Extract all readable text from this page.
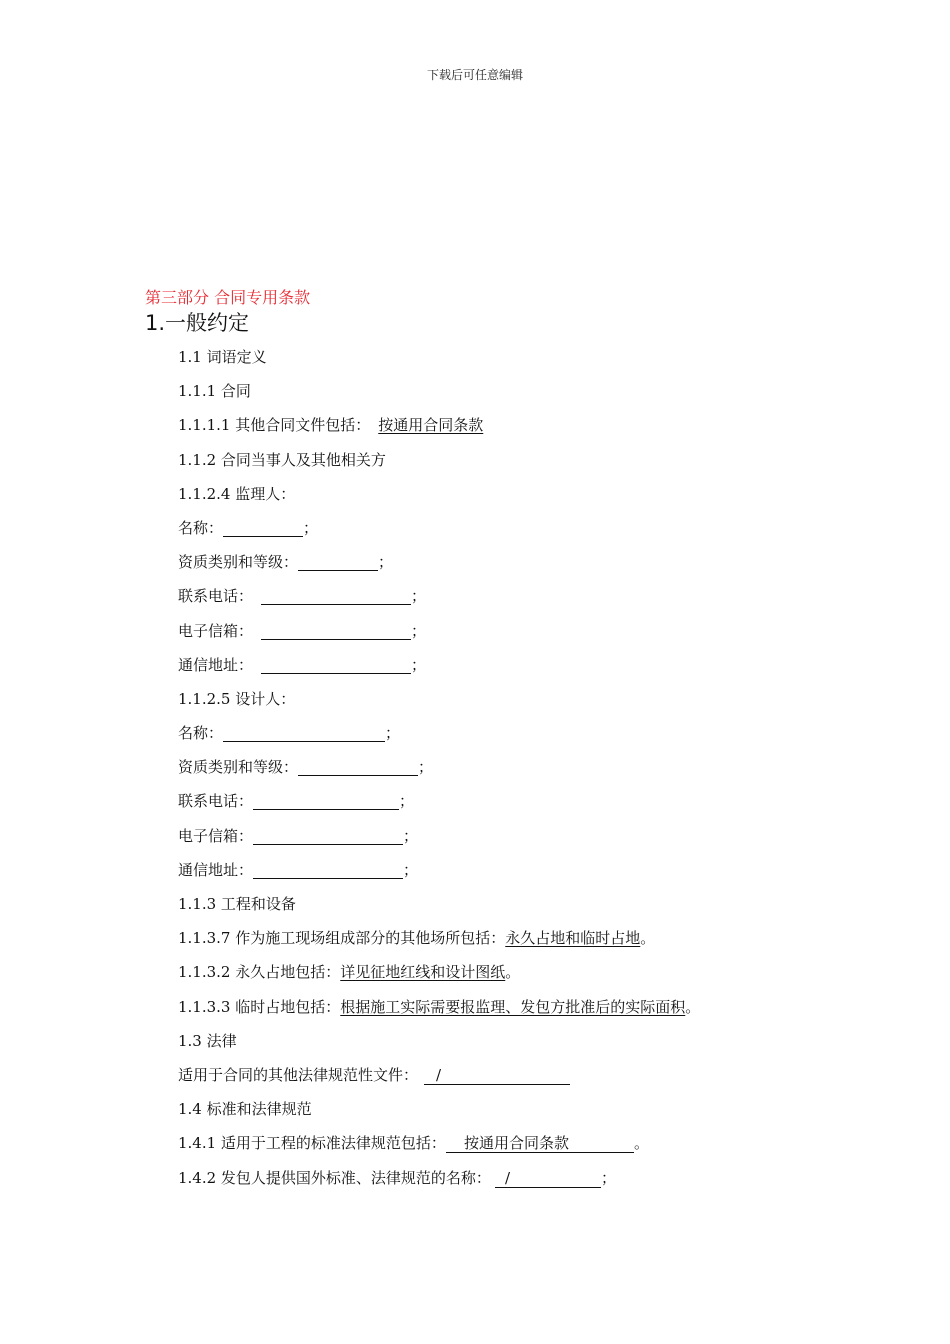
下载后可任意编辑
第三部分 合同专用条款
1.一般约定
1.1 词语定义
1.1.1 合同
1.1.1.1 其他合同文件包括： 按通用合同条款
1.1.2 合同当事人及其他相关方
1.1.2.4 监理人：
名称：	；
资质类别和等级：	；
联系电话：	；
电子信箱：	；
通信地址：	；
1.1.2.5 设计人：
名称：	；
资质类别和等级：	；
联系电话：	；
电子信箱：	；
通信地址：	；
1.1.3 工程和设备
1.1.3.7 作为施工现场组成部分的其他场所包括：永久占地和临时占地。
1.1.3.2 永久占地包括：详见征地红线和设计图纸。
1.1.3.3 临时占地包括：根据施工实际需要报监理、发包方批准后的实际面积。
1.3 法律
适用于合同的其他法律规范性文件： /
1.4 标准和法律规范
1.4.1 适用于工程的标准法律规范包括： 按通用合同条款	。
1.4.2 发包人提供国外标准、法律规范的名称： /	；
